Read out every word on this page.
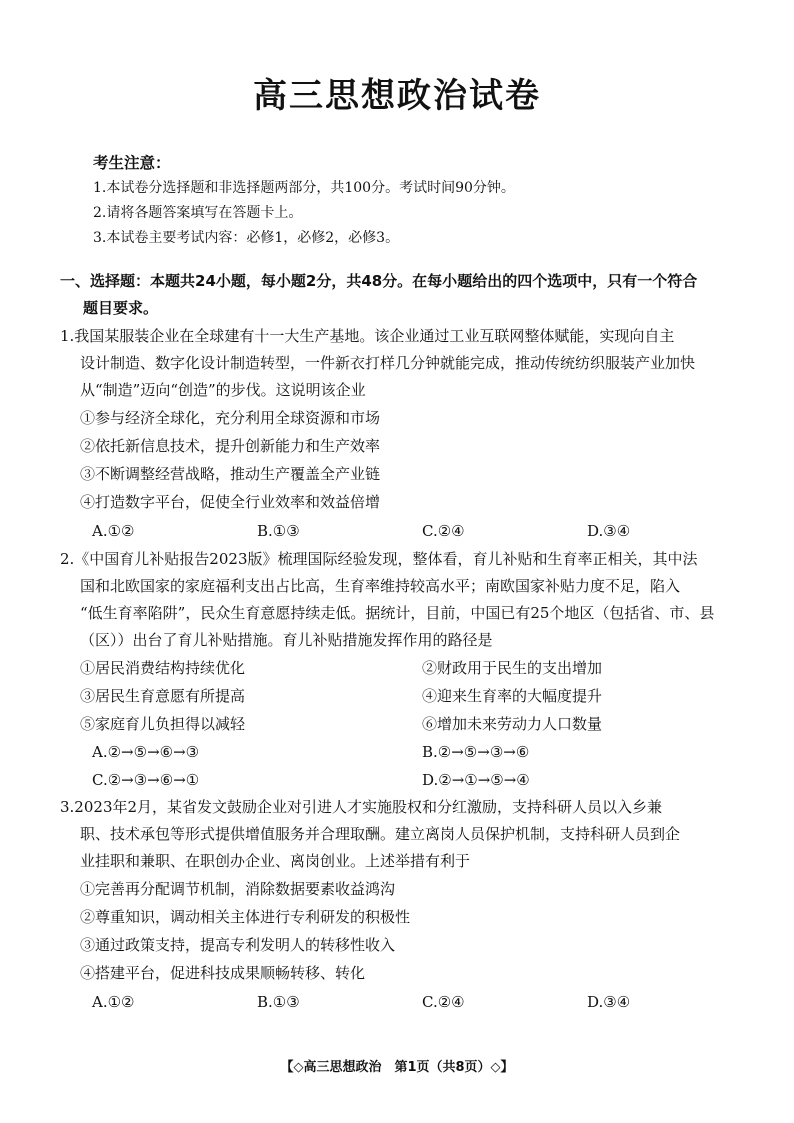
高三思想政治试卷
考生注意：
1.本试卷分选择题和非选择题两部分，共100分。考试时间90分钟。
2.请将各题答案填写在答题卡上。
3.本试卷主要考试内容：必修1，必修2，必修3。
一、选择题：本题共24小题，每小题2分，共48分。在每小题给出的四个选项中，只有一个符合
题目要求。
1.我国某服装企业在全球建有十一大生产基地。该企业通过工业互联网整体赋能，实现向自主
设计制造、数字化设计制造转型，一件新衣打样几分钟就能完成，推动传统纺织服装产业加快
从“制造”迈向“创造”的步伐。这说明该企业
①参与经济全球化，充分利用全球资源和市场
②依托新信息技术，提升创新能力和生产效率
③不断调整经营战略，推动生产覆盖全产业链
④打造数字平台，促使全行业效率和效益倍增
A.①②	B.①③	C.②④	D.③④
2.《中国育儿补贴报告2023版》梳理国际经验发现，整体看，育儿补贴和生育率正相关，其中法
国和北欧国家的家庭福利支出占比高，生育率维持较高水平；南欧国家补贴力度不足，陷入
“低生育率陷阱”，民众生育意愿持续走低。据统计，目前，中国已有25个地区（包括省、市、县
（区））出台了育儿补贴措施。育儿补贴措施发挥作用的路径是
①居民消费结构持续优化	②财政用于民生的支出增加
③居民生育意愿有所提高	④迎来生育率的大幅度提升
⑤家庭育儿负担得以减轻	⑥增加未来劳动力人口数量
A.②→⑤→⑥→③	B.②→⑤→③→⑥
C.②→③→⑥→①	D.②→①→⑤→④
3.2023年2月，某省发文鼓励企业对引进人才实施股权和分红激励，支持科研人员以入乡兼
职、技术承包等形式提供增值服务并合理取酬。建立离岗人员保护机制，支持科研人员到企
业挂职和兼职、在职创办企业、离岗创业。上述举措有利于
①完善再分配调节机制，消除数据要素收益鸿沟
②尊重知识，调动相关主体进行专利研发的积极性
③通过政策支持，提高专利发明人的转移性收入
④搭建平台，促进科技成果顺畅转移、转化
A.①②	B.①③	C.②④	D.③④
【◇高三思想政治　第1页（共8页）◇】
